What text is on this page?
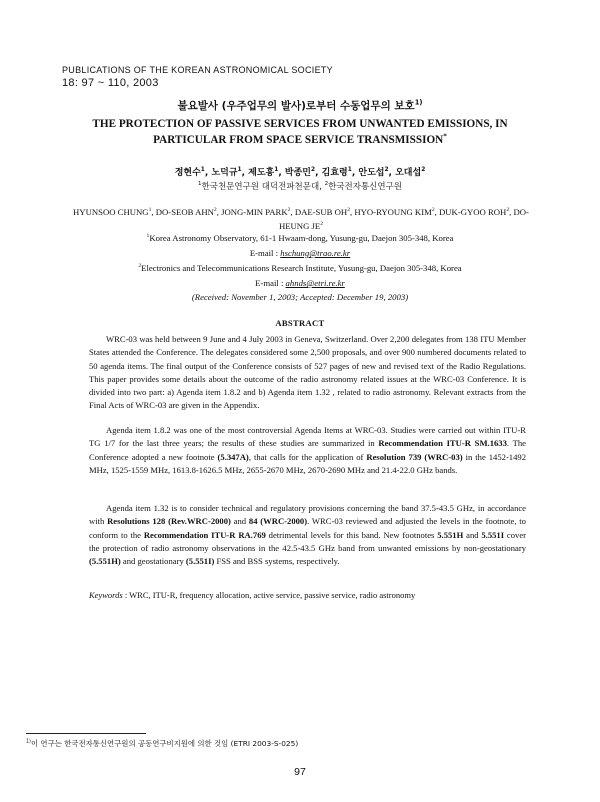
PUBLICATIONS OF THE KOREAN ASTRONOMICAL SOCIETY
18: 97 ~ 110, 2003
불요발사 (우주업무의 발사)로부터 수동업무의 보호$^{1)}$
THE PROTECTION OF PASSIVE SERVICES FROM UNWANTED EMISSIONS, IN
PARTICULAR FROM SPACE SERVICE TRANSMISSION*
정현수$^1$, 노덕규$^1$, 제도흥$^1$, 박종민$^2$, 김효령$^1$, 안도섭$^2$, 오대섭$^2$
$^1$한국천문연구원 대덕전파천문대, $^2$한국전자통신연구원
HYUNSOO CHUNG$^1$, DO-SEOB AHN$^2$, JONG-MIN PARK$^2$, DAE-SUB $OH^2$, HYO-RYOUNG KIM$^2$, DUK-GYOO ROH$^2$, DO-HEUNG $JE^2$
$^1$Korea Astronomy Observatory, 61-1 Hwaam-dong, Yusung-gu, Daejon 305-348, Korea
E-mail : hschung@trao.re.kr
$^2$Electronics and Telecommunications Research Institute, Yusung-gu, Daejon 305-348, Korea
E-mail : ahnds@etri.re.kr
(Received: November 1, 2003; Accepted: December 19, 2003)
ABSTRACT

WRC-03 was held between 9 June and 4 July 2003 in Geneva, Switzerland. Over 2,200 delegates from 138 ITU Member States attended the Conference. The delegates considered some 2,500 proposals, and over 900 numbered documents related to 50 agenda items. The final output of the Conference consists of 527 pages of new and revised text of the Radio Regulations. This paper provides some details about the outcome of the radio astronomy related issues at the WRC-03 Conference. It is divided into two part: a) Agenda item 1.8.2 and b) Agenda item 1.32 , related to radio astronomy. Relevant extracts from the Final Acts of WRC-03 are given in the Appendix.

Agenda item 1.8.2 was one of the most controversial Agenda Items at WRC-03. Studies were carried out within ITU-R TG 1/7 for the last three years; the results of these studies are summarized in Recommendation ITU-R SM.1633. The Conference adopted a new footnote (5.347A), that calls for the application of Resolution 739 (WRC-03) in the 1452-1492 MHz, 1525-1559 MHz, 1613.8-1626.5 MHz, 2655-2670 MHz, 2670-2690 MHz and 21.4-22.0 GHz bands.

Agenda item 1.32 is to consider technical and regulatory provisions concerning the band 37.5-43.5 GHz, in accordance with Resolutions 128 (Rev.WRC-2000) and 84 (WRC-2000). WRC-03 reviewed and adjusted the levels in the footnote, to conform to the Recommendation ITU-R RA.769 detrimental levels for this band. New footnotes 5.551H and 5.551I cover the protection of radio astronomy observations in the 42.5-43.5 GHz band from unwanted emissions by non-geostationary (5.551H) and geostationary (5.551I) FSS and BSS systems, respectively.

Keywords : WRC, ITU-R, frequency allocation, active service, passive service, radio astronomy
$^{1)}$이 연구는 한국전자통신연구원의 공동연구비지원에 의한 것임 (ETRI 2003-S-025)
97
